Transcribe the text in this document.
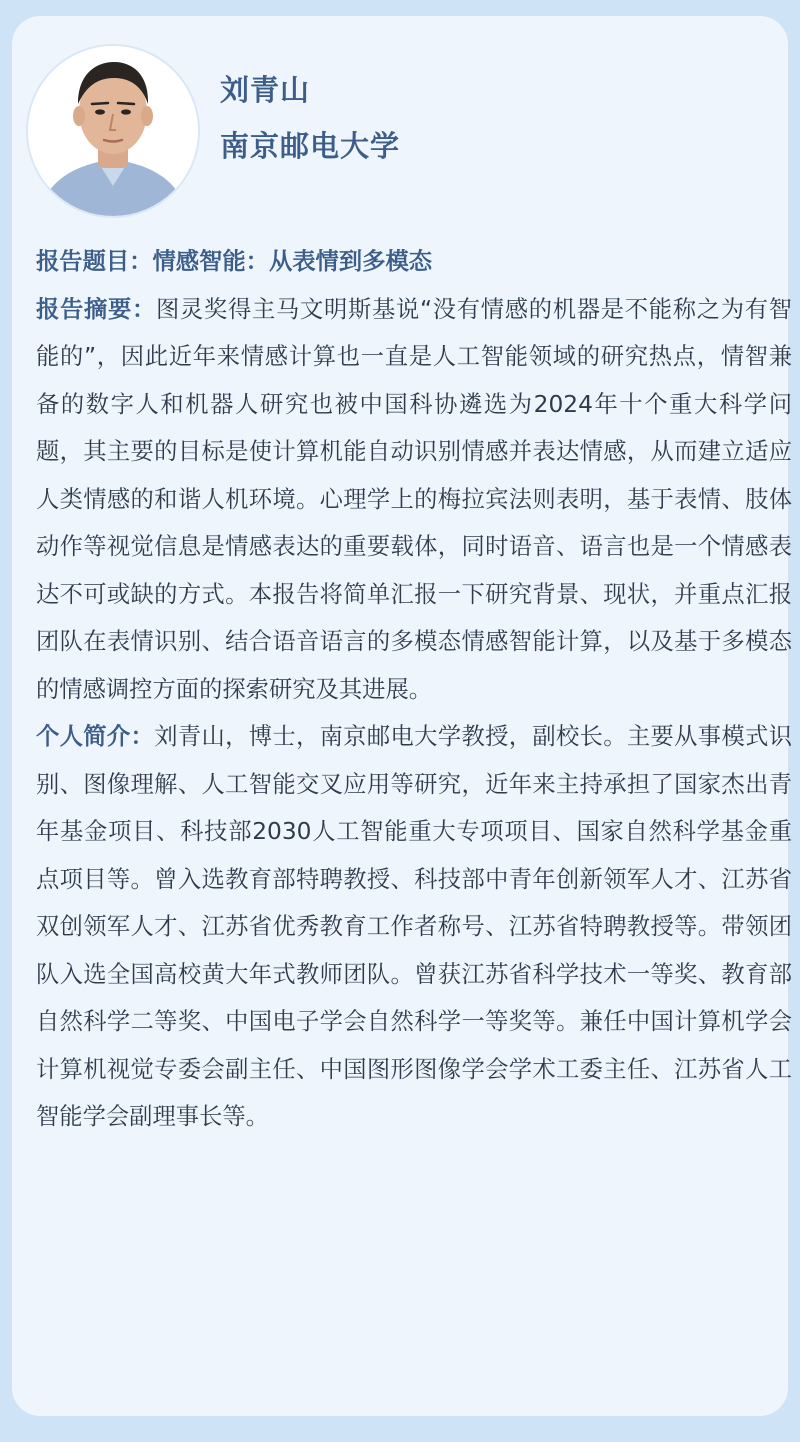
刘青山
南京邮电大学

报告题目：情感智能：从表情到多模态

报告摘要：图灵奖得主马文明斯基说“没有情感的机器是不能称之为有智能的”，因此近年来情感计算也一直是人工智能领域的研究热点，情智兼备的数字人和机器人研究也被中国科协遴选为2024年十个重大科学问题，其主要的目标是使计算机能自动识别情感并表达情感，从而建立适应人类情感的和谐人机环境。心理学上的梅拉宾法则表明，基于表情、肢体动作等视觉信息是情感表达的重要载体，同时语音、语言也是一个情感表达不可或缺的方式。本报告将简单汇报一下研究背景、现状，并重点汇报团队在表情识别、结合语音语言的多模态情感智能计算，以及基于多模态的情感调控方面的探索研究及其进展。

个人简介：刘青山，博士，南京邮电大学教授，副校长。主要从事模式识别、图像理解、人工智能交叉应用等研究，近年来主持承担了国家杰出青年基金项目、科技部2030人工智能重大专项项目、国家自然科学基金重点项目等。曾入选教育部特聘教授、科技部中青年创新领军人才、江苏省双创领军人才、江苏省优秀教育工作者称号、江苏省特聘教授等。带领团队入选全国高校黄大年式教师团队。曾获江苏省科学技术一等奖、教育部自然科学二等奖、中国电子学会自然科学一等奖等。兼任中国计算机学会计算机视觉专委会副主任、中国图形图像学会学术工委主任、江苏省人工智能学会副理事长等。
